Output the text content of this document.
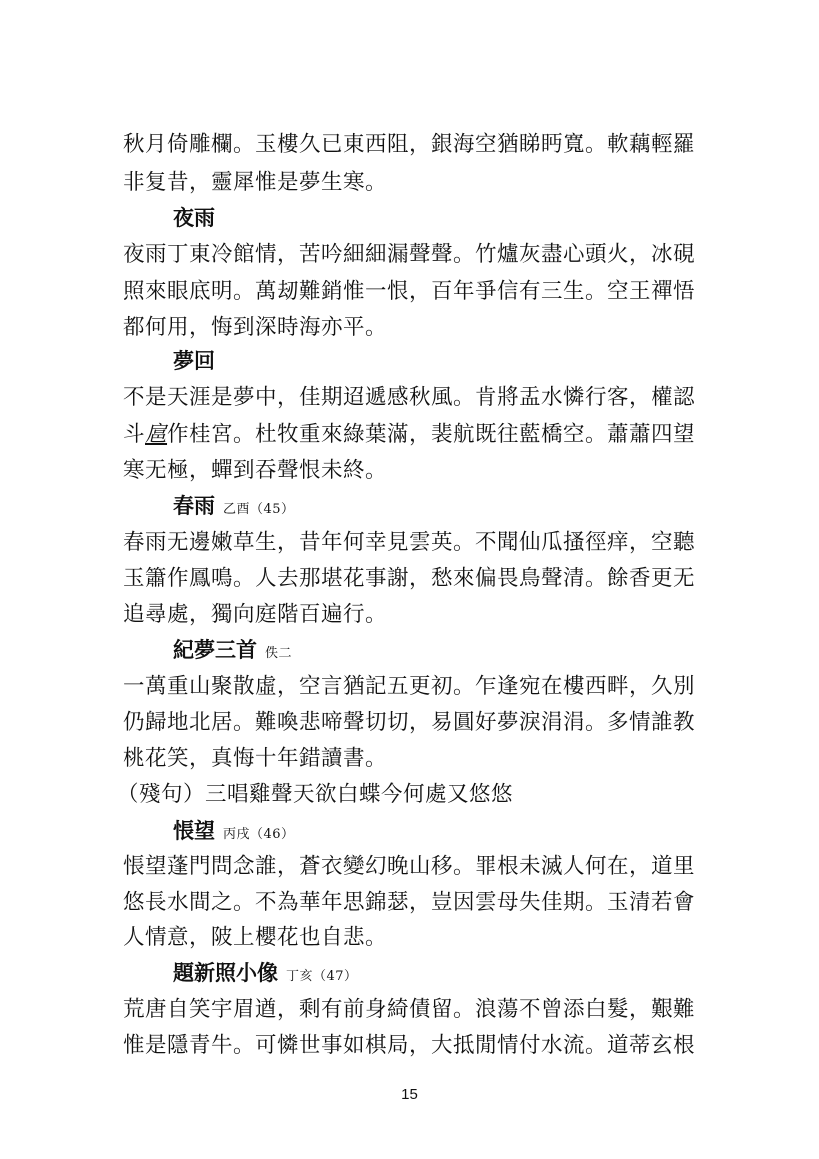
秋月倚雕欄。玉樓久已東西阻，銀海空猶睇眄寬。軟藕輕羅
非复昔，靈犀惟是夢生寒。
夜雨
夜雨丁東冷館情，苦吟細細漏聲聲。竹爐灰盡心頭火，冰硯
照來眼底明。萬刼難銷惟一恨，百年爭信有三生。空王禪悟
都何用，悔到深時海亦平。
夢回
不是天涯是夢中，佳期迢遞感秋風。肯將盂水憐行客，權認
斗扈作桂宮。杜牧重來綠葉滿，裴航既往藍橋空。蕭蕭四望
寒无極，蟬到吞聲恨未終。
春雨 乙酉（45）
春雨无邊嫩草生，昔年何幸見雲英。不聞仙瓜搔徑痒，空聽
玉簫作鳳鳴。人去那堪花事謝，愁來偏畏鳥聲清。餘香更无
追尋處，獨向庭階百遍行。
紀夢三首 佚二
一萬重山聚散虛，空言猶記五更初。乍逢宛在樓西畔，久別
仍歸地北居。難喚悲啼聲切切，易圓好夢淚涓涓。多情誰教
桃花笑，真悔十年錯讀書。
（殘句）三唱雞聲天欲白蝶今何處又悠悠
悵望 丙戌（46）
悵望蓬門問念誰，蒼衣變幻晚山移。罪根未滅人何在，道里
悠長水間之。不為華年思錦瑟，豈因雲母失佳期。玉清若會
人情意，陂上櫻花也自悲。
題新照小像 丁亥（47）
荒唐自笑宇眉遒，剩有前身綺債留。浪蕩不曾添白髮，艱難
惟是隱青牛。可憐世事如棋局，大抵閒情付水流。道蒂玄根
15
